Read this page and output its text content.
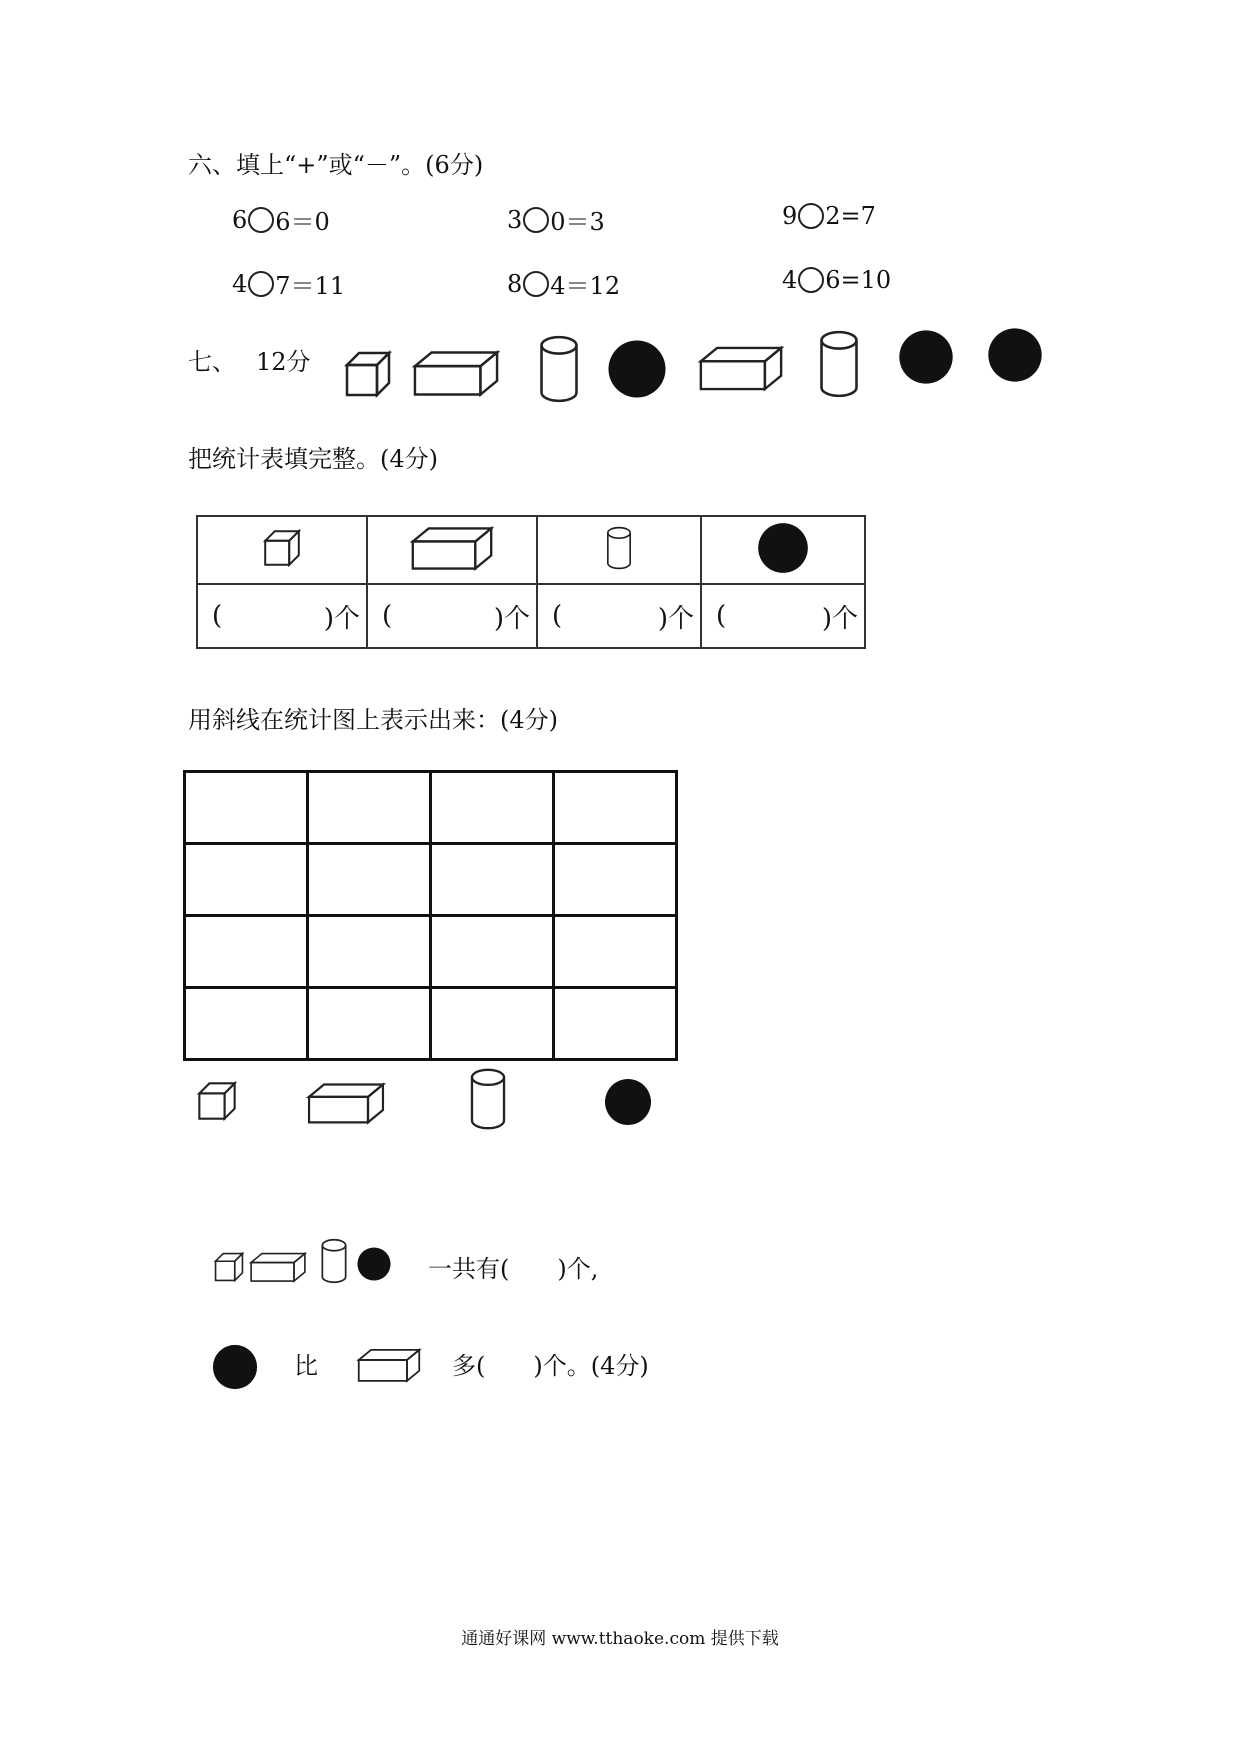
六、填上“+”或“－”。(6分)
6 6＝0	3 0＝3	9 2=7
4 7＝11	8 4＝12	4 6=10
七、 12分
把统计表填完整。(4分)

( )个	( )个	( )个	( )个
用斜线在统计图上表示出来：(4分)

一共有(　　)个,
比	多(　　)个。(4分)
通通好课网 www.tthaoke.com 提供下载
